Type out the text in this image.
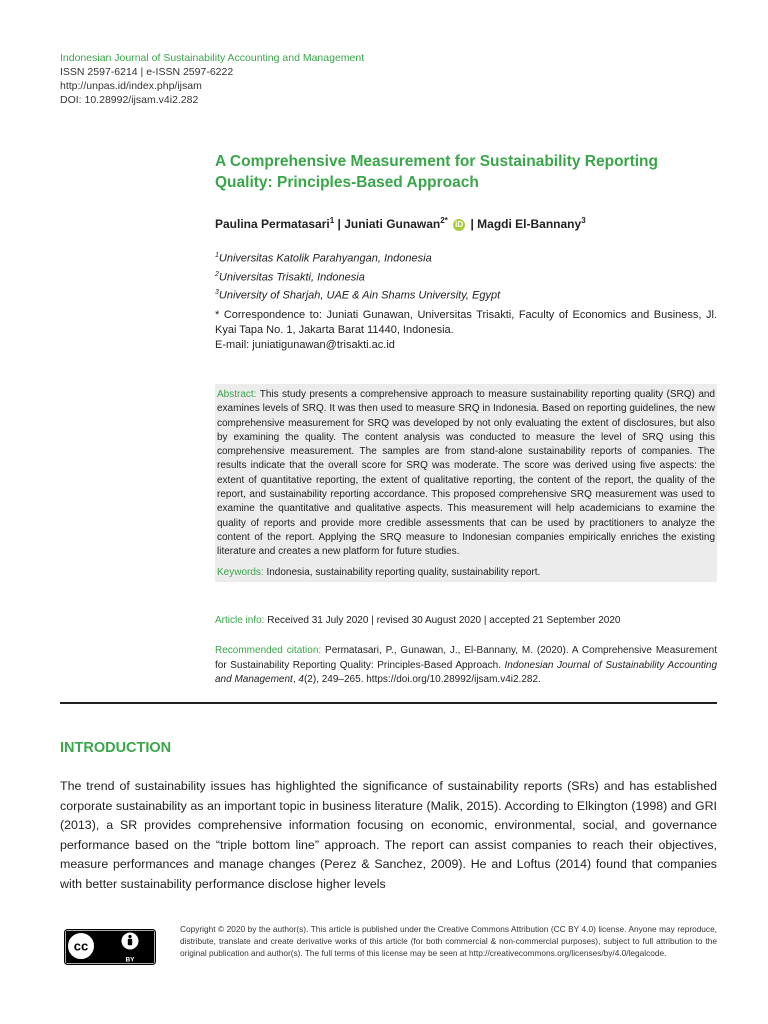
Indonesian Journal of Sustainability Accounting and Management
ISSN 2597-6214 | e-ISSN 2597-6222
http://unpas.id/index.php/ijsam
DOI: 10.28992/ijsam.v4i2.282
A Comprehensive Measurement for Sustainability Reporting Quality: Principles-Based Approach
Paulina Permatasari$^1$ | Juniati Gunawan$^{2*}$ iD | Magdi El-Bannany$^3$
$^1$Universitas Katolik Parahyangan, Indonesia
$^2$Universitas Trisakti, Indonesia
$^3$University of Sharjah, UAE & Ain Shams University, Egypt
* Correspondence to: Juniati Gunawan, Universitas Trisakti, Faculty of Economics and Business, Jl. Kyai Tapa No. 1, Jakarta Barat 11440, Indonesia.
E-mail: juniatigunawan@trisakti.ac.id

Abstract: This study presents a comprehensive approach to measure sustainability reporting quality (SRQ) and examines levels of SRQ. It was then used to measure SRQ in Indonesia. Based on reporting guidelines, the new comprehensive measurement for SRQ was developed by not only evaluating the extent of disclosures, but also by examining the quality. The content analysis was conducted to measure the level of SRQ using this comprehensive measurement. The samples are from stand-alone sustainability reports of companies. The results indicate that the overall score for SRQ was moderate. The score was derived using five aspects: the extent of quantitative reporting, the extent of qualitative reporting, the content of the report, the quality of the report, and sustainability reporting accordance. This proposed comprehensive SRQ measurement was used to examine the quantitative and qualitative aspects. This measurement will help academicians to examine the quality of reports and provide more credible assessments that can be used by practitioners to analyze the content of the report. Applying the SRQ measure to Indonesian companies empirically enriches the existing literature and creates a new platform for future studies.

Keywords: Indonesia, sustainability reporting quality, sustainability report.

Article info: Received 31 July 2020 | revised 30 August 2020 | accepted 21 September 2020
Recommended citation: Permatasari, P., Gunawan, J., El-Bannany, M. (2020). A Comprehensive Measurement for Sustainability Reporting Quality: Principles-Based Approach. Indonesian Journal of Sustainability Accounting and Management, 4(2), 249–265. https://doi.org/10.28992/ijsam.v4i2.282.
INTRODUCTION
The trend of sustainability issues has highlighted the significance of sustainability reports (SRs) and has established corporate sustainability as an important topic in business literature (Malik, 2015). According to Elkington (1998) and GRI (2013), a SR provides comprehensive information focusing on economic, environmental, social, and governance performance based on the “triple bottom line” approach. The report can assist companies to reach their objectives, measure performances and manage changes (Perez & Sanchez, 2009). He and Loftus (2014) found that companies with better sustainability performance disclose higher levels
cc
BY
Copyright © 2020 by the author(s). This article is published under the Creative Commons Attribution (CC BY 4.0) license. Anyone may reproduce, distribute, translate and create derivative works of this article (for both commercial & non-commercial purposes), subject to full attribution to the original publication and author(s). The full terms of this license may be seen at http://creativecommons.org/licenses/by/4.0/legalcode.
